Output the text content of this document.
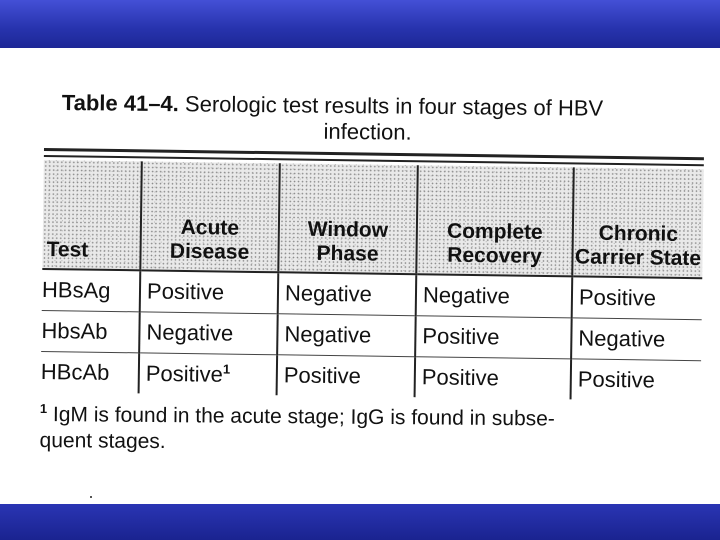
Table 41–4. Serologic test results in four stages of HBV
infection.
Test	Acute Disease	Window Phase	Complete Recovery	Chronic Carrier State
HBsAg	Positive	Negative	Negative	Positive
HbsAb	Negative	Negative	Positive	Negative
HBcAb	Positive$^1$	Positive	Positive	Positive
$^1$ IgM is found in the acute stage; IgG is found in subse-
quent stages.
